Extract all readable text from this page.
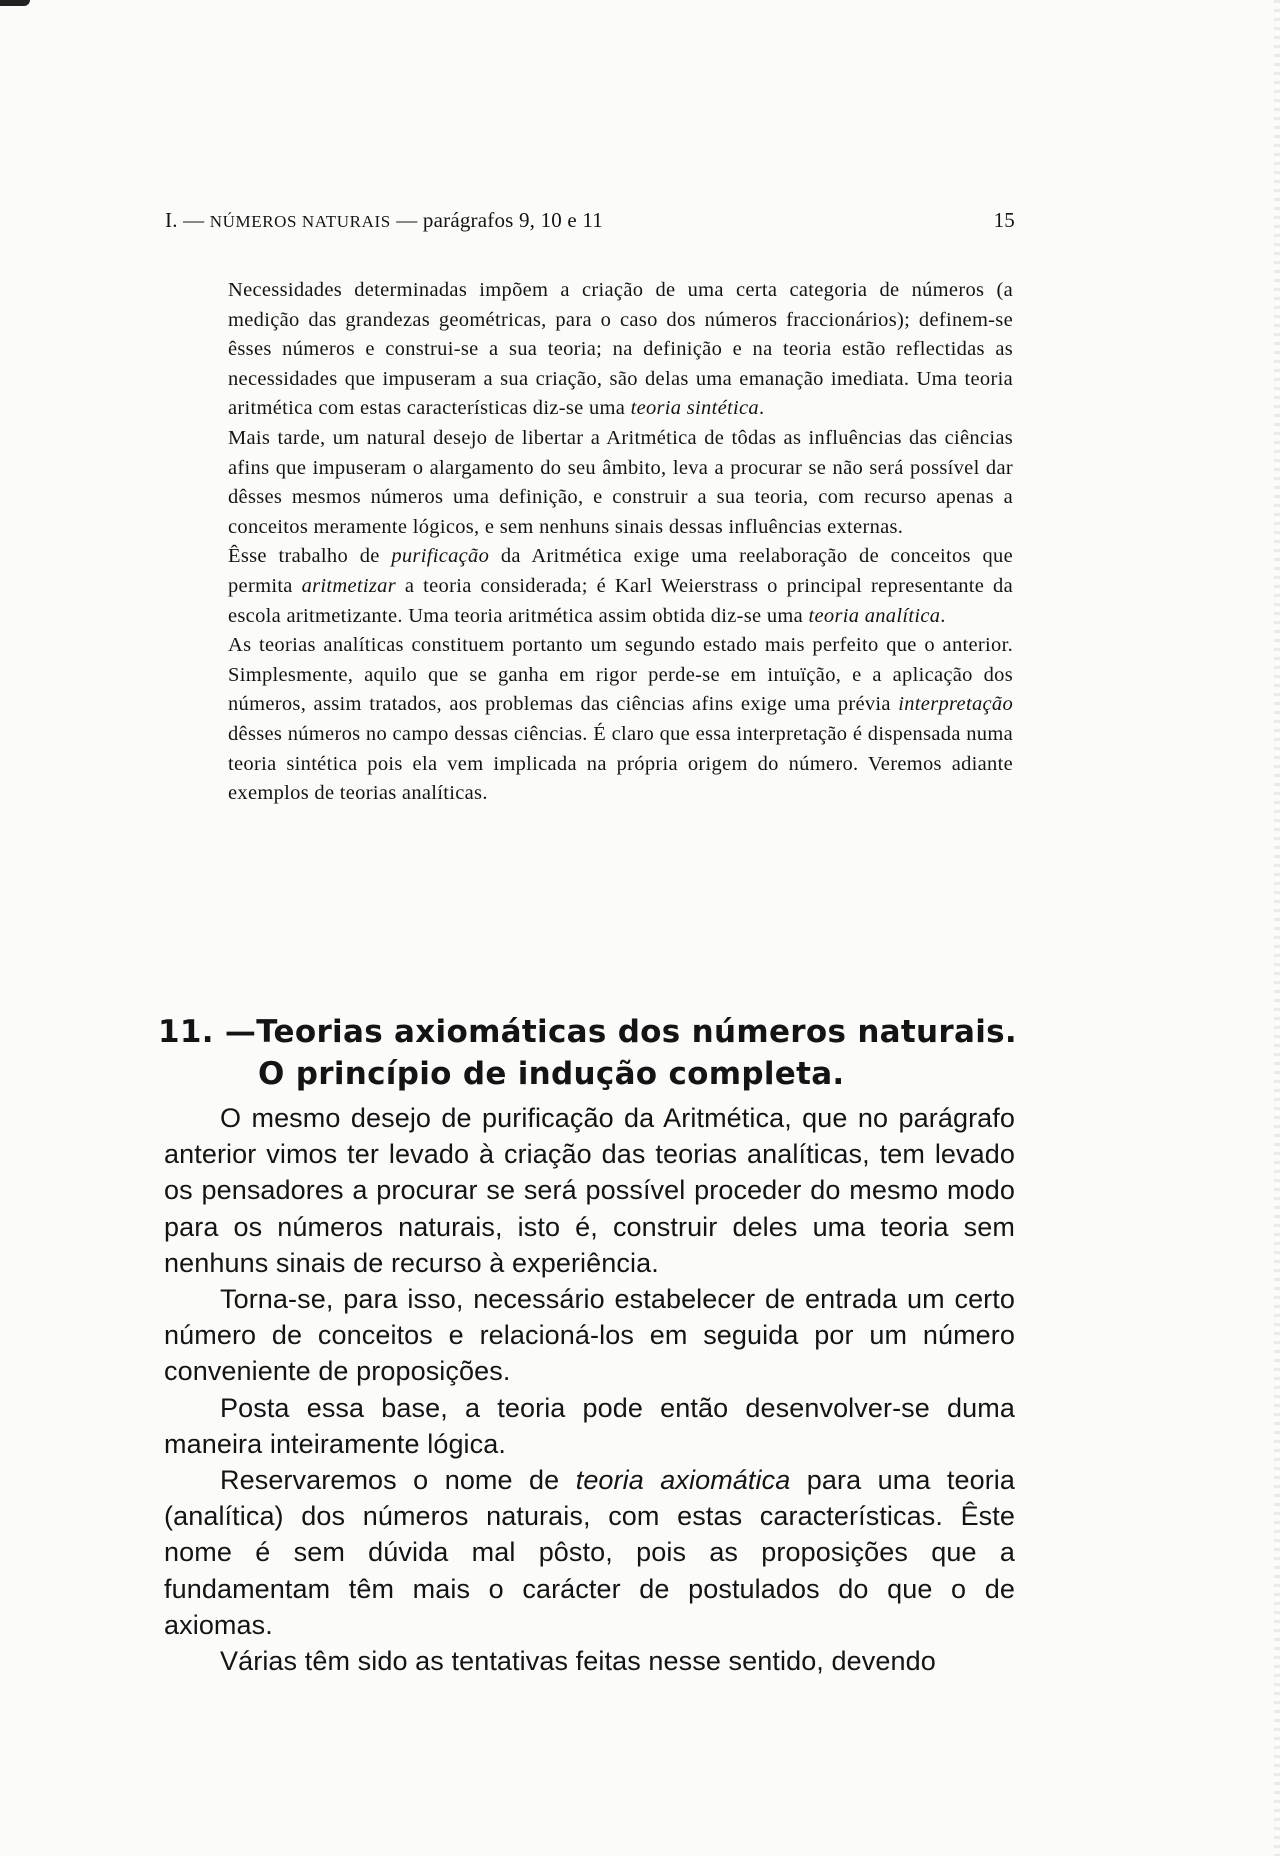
I. — NÚMEROS NATURAIS — parágrafos 9, 10 e 11	15

Necessidades determinadas impõem a criação de uma certa categoria de números (a medição das grandezas geométricas, para o caso dos números fraccionários); definem-se êsses números e construi-se a sua teoria; na definição e na teoria estão reflectidas as necessidades que impuseram a sua criação, são delas uma emanação imediata. Uma teoria aritmética com estas características diz-se uma teoria sintética.

Mais tarde, um natural desejo de libertar a Aritmética de tôdas as influências das ciências afins que impuseram o alargamento do seu âmbito, leva a procurar se não será possível dar dêsses mesmos números uma definição, e construir a sua teoria, com recurso apenas a conceitos meramente lógicos, e sem nenhuns sinais dessas influências externas.

Êsse trabalho de purificação da Aritmética exige uma reelaboração de conceitos que permita aritmetizar a teoria considerada; é Karl Weierstrass o principal representante da escola aritmetizante. Uma teoria aritmética assim obtida diz-se uma teoria analítica.

As teorias analíticas constituem portanto um segundo estado mais perfeito que o anterior. Simplesmente, aquilo que se ganha em rigor perde-se em intuïção, e a aplicação dos números, assim tratados, aos problemas das ciências afins exige uma prévia interpretação dêsses números no campo dessas ciências. É claro que essa interpretação é dispensada numa teoria sintética pois ela vem implicada na própria origem do número. Veremos adiante exemplos de teorias analíticas.

11. —Teorias axiomáticas dos números naturais.
O princípio de indução completa.

O mesmo desejo de purificação da Aritmética, que no parágrafo anterior vimos ter levado à criação das teorias analíticas, tem levado os pensadores a procurar se será possível proceder do mesmo modo para os números naturais, isto é, construir deles uma teoria sem nenhuns sinais de recurso à experiência.

Torna-se, para isso, necessário estabelecer de entrada um certo número de conceitos e relacioná-los em seguida por um número conveniente de proposições.

Posta essa base, a teoria pode então desenvolver-se duma maneira inteiramente lógica.

Reservaremos o nome de teoria axiomática para uma teoria (analítica) dos números naturais, com estas características. Êste nome é sem dúvida mal pôsto, pois as proposições que a fundamentam têm mais o carácter de postulados do que o de axiomas.

Várias têm sido as tentativas feitas nesse sentido, devendo
